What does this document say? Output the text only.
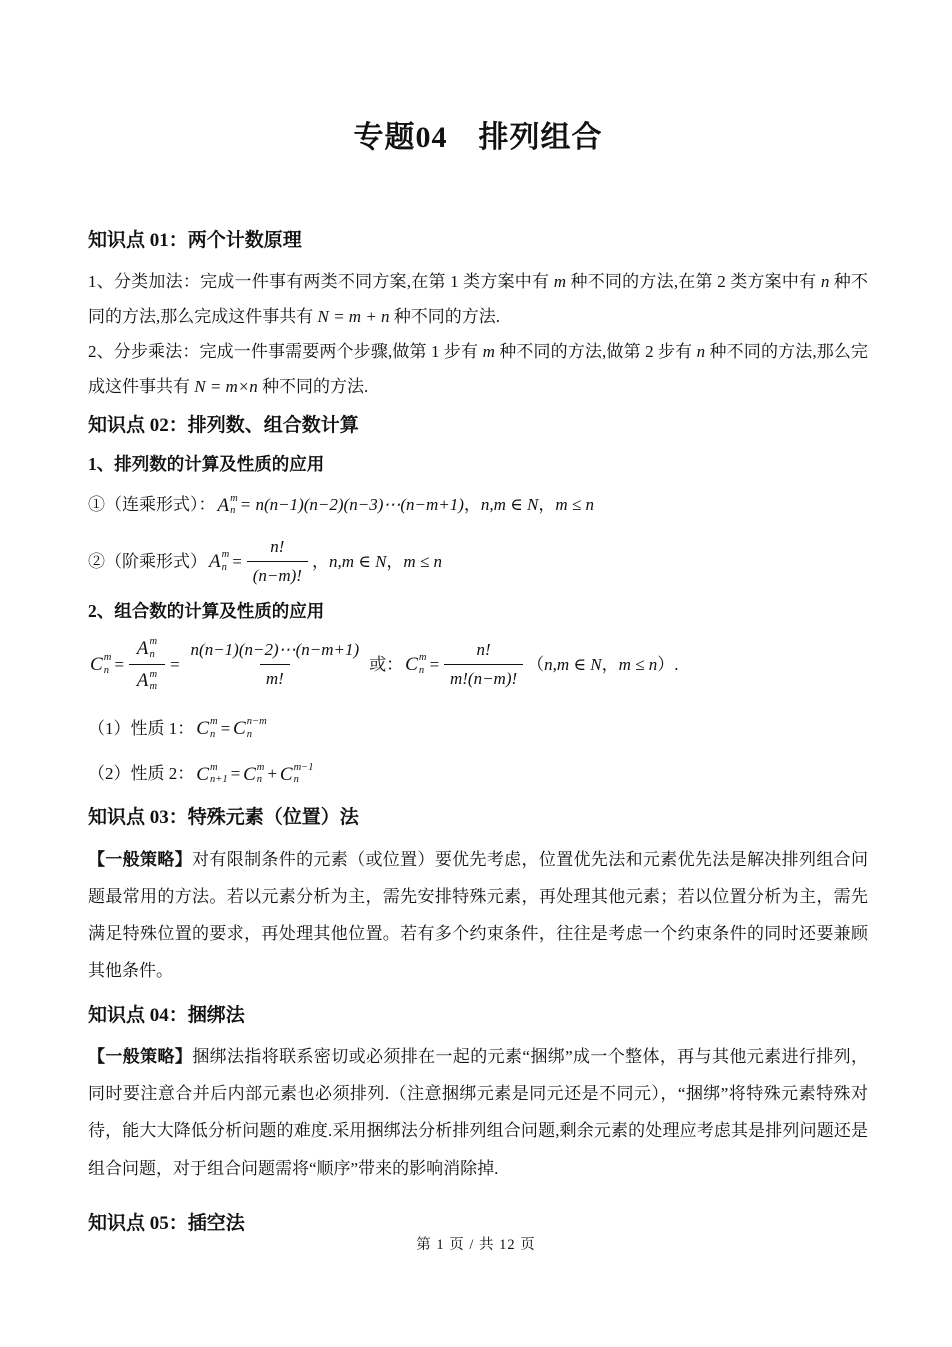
专题04　排列组合
知识点 01：两个计数原理

1、分类加法：完成一件事有两类不同方案,在第 1 类方案中有 m 种不同的方法,在第 2 类方案中有 n 种不同的方法,那么完成这件事共有 N = m + n 种不同的方法.

2、分步乘法：完成一件事需要两个步骤,做第 1 步有 m 种不同的方法,做第 2 步有 n 种不同的方法,那么完成这件事共有 N = m×n 种不同的方法.

知识点 02：排列数、组合数计算
1、排列数的计算及性质的应用

①（连乘形式）： A m
n = n(n−1)(n−2)(n−3)⋯(n−m+1) ， n,m ∈ N ， m ≤ n

②（阶乘形式） A m
$n = \frac{n!}{(n-m)!}$ ， n,m ∈ N ， m ≤ n

2、组合数的计算及性质的应用

C m
n = A m
n
A m
$m = \frac{n(n-1)(n-2)\cdots(n-m+1)}{m!}$ 或： C m
$n = \frac{n!}{m!(n-m)!}$ （ n,m ∈ N ， m ≤ n ）.

（1）性质 1： C m
n = C n−m
n

（2）性质 2： C m
n+1 = C m
n + C m−1
n

知识点 03：特殊元素（位置）法

【一般策略】对有限制条件的元素（或位置）要优先考虑，位置优先法和元素优先法是解决排列组合问题最常用的方法。若以元素分析为主，需先安排特殊元素，再处理其他元素；若以位置分析为主，需先满足特殊位置的要求，再处理其他位置。若有多个约束条件，往往是考虑一个约束条件的同时还要兼顾其他条件。

知识点 04：捆绑法

【一般策略】捆绑法指将联系密切或必须排在一起的元素“捆绑”成一个整体，再与其他元素进行排列，同时要注意合并后内部元素也必须排列.（注意捆绑元素是同元还是不同元），“捆绑”将特殊元素特殊对待，能大大降低分析问题的难度.采用捆绑法分析排列组合问题,剩余元素的处理应考虑其是排列问题还是组合问题，对于组合问题需将“顺序”带来的影响消除掉.

知识点 05：插空法
第 1 页 / 共 12 页
